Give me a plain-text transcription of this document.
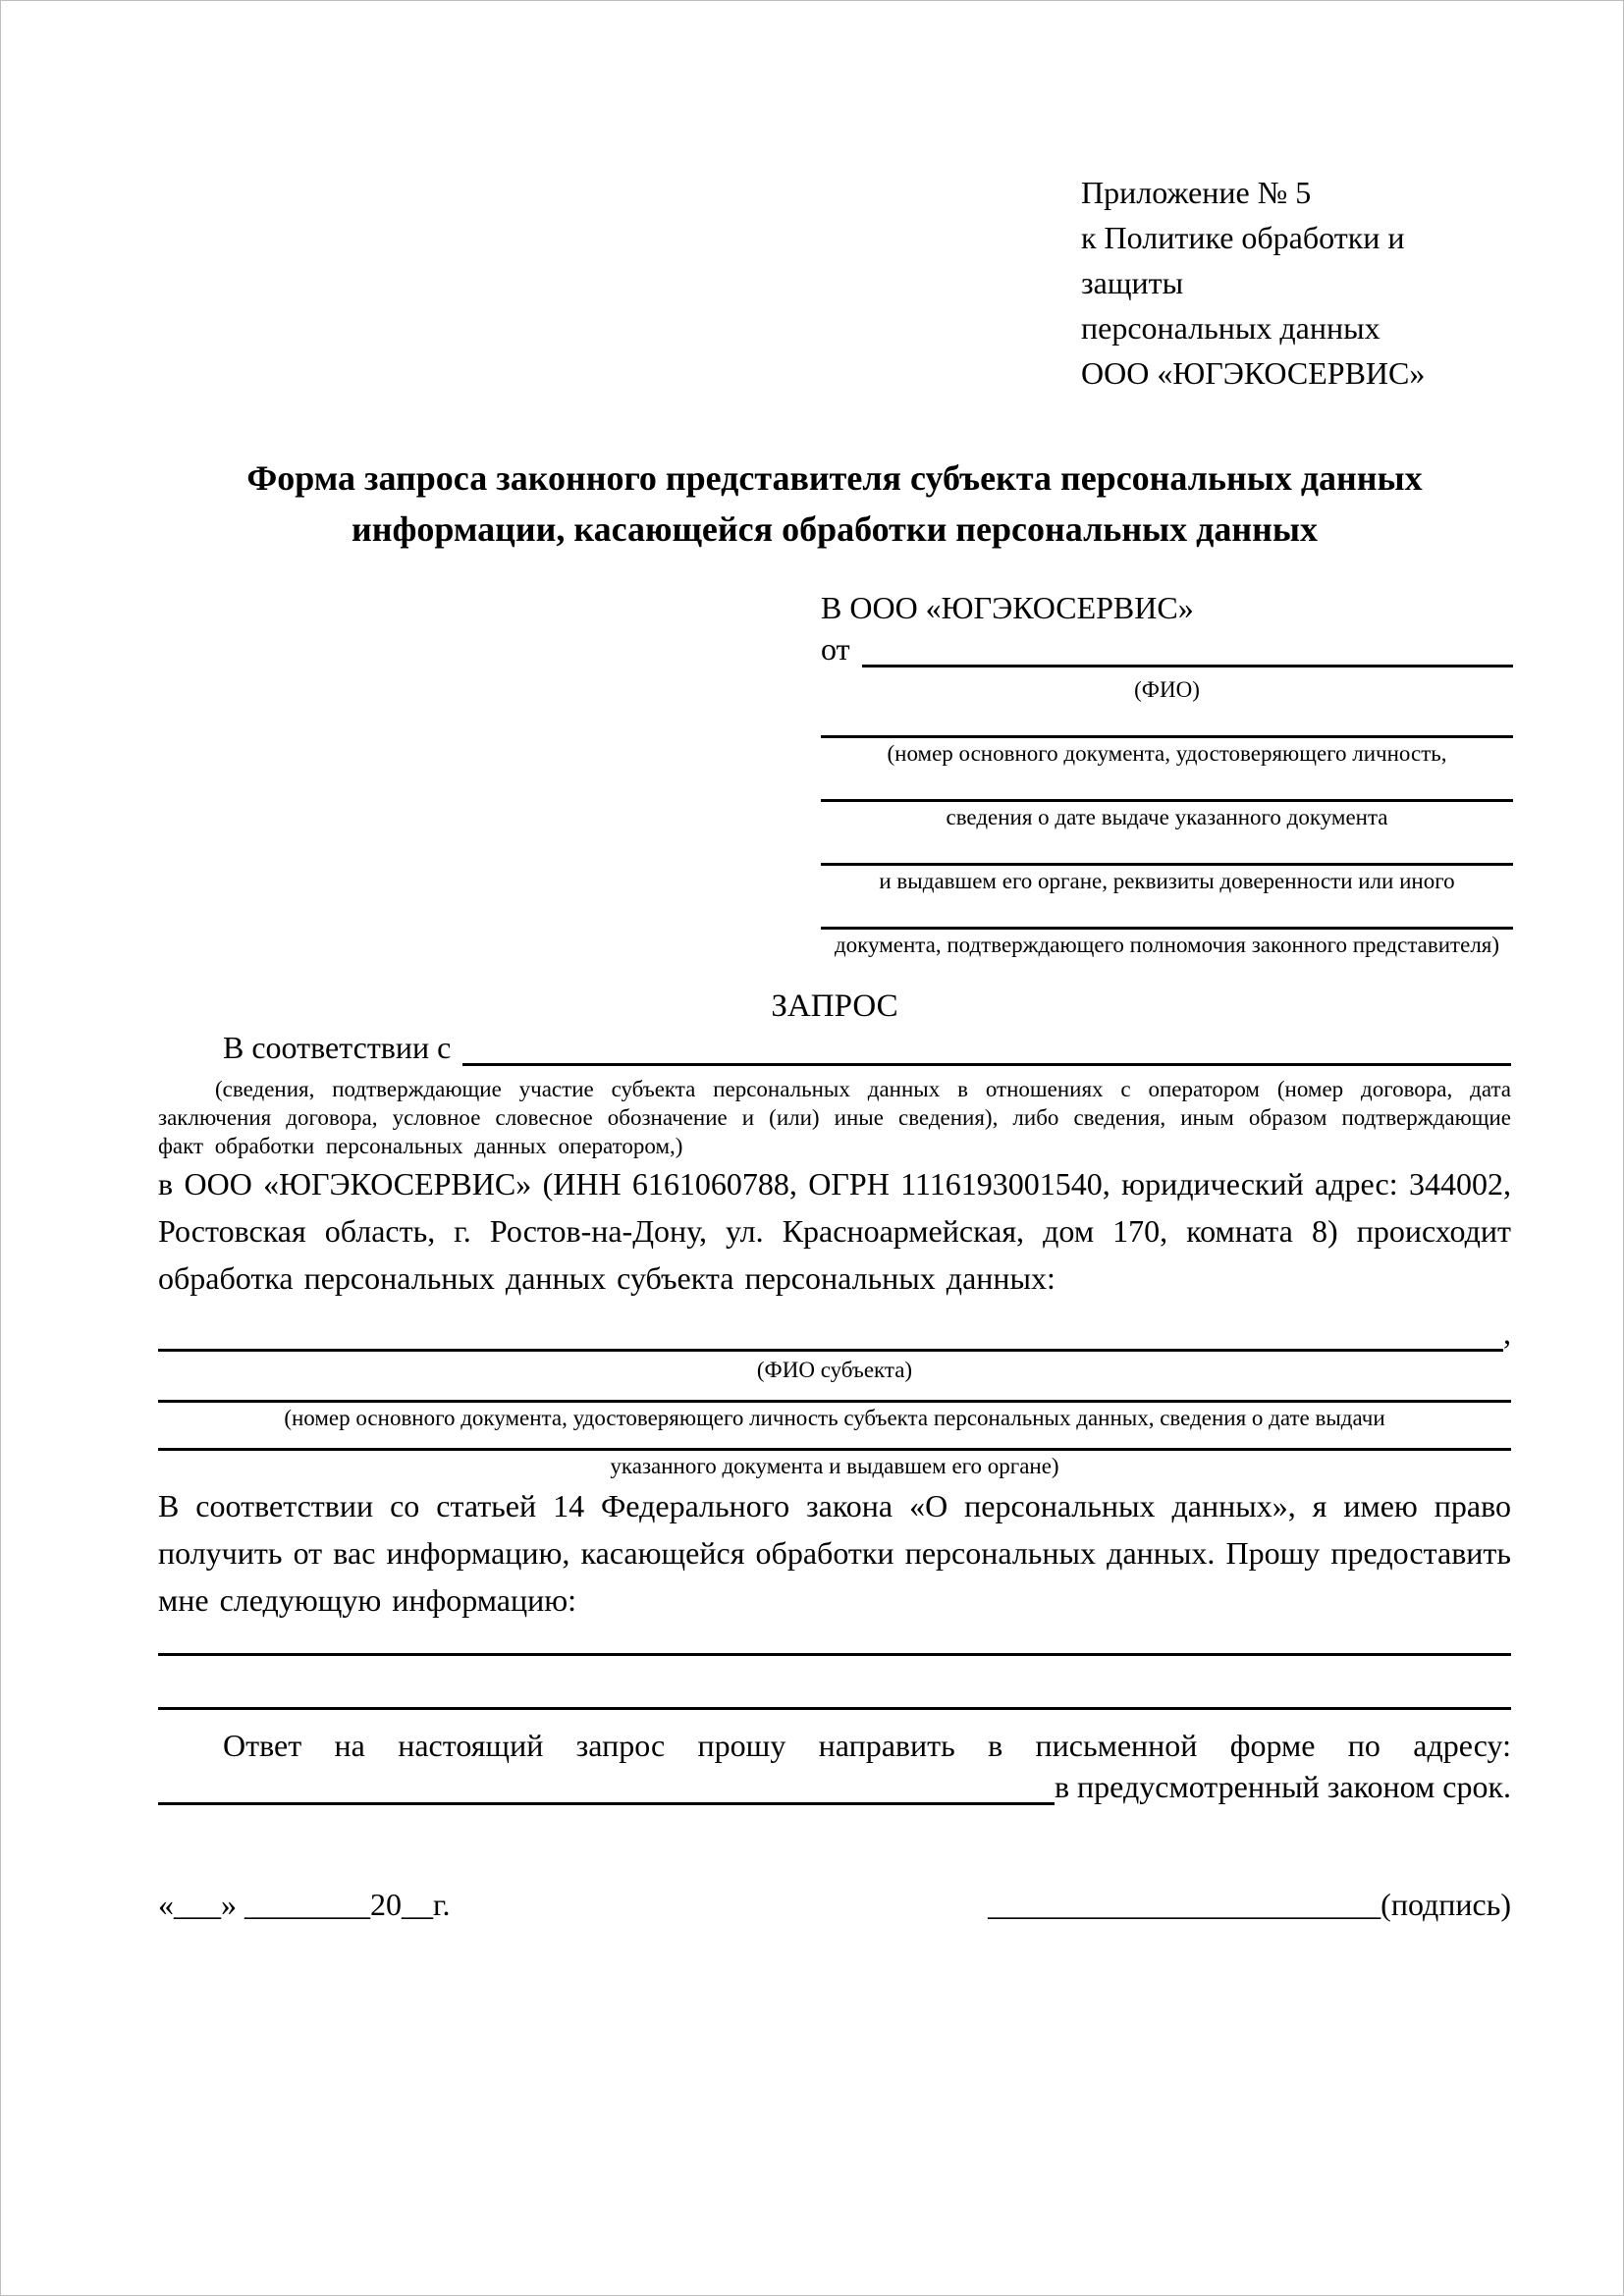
Приложение № 5
к Политике обработки и защиты
персональных данных
ООО «ЮГЭКОСЕРВИС»
Форма запроса законного представителя субъекта персональных данных информации, касающейся обработки персональных данных
В ООО «ЮГЭКОСЕРВИС»
от

(ФИО)
(номер основного документа, удостоверяющего личность,
сведения о дате выдаче указанного документа
и выдавшем его органе, реквизиты доверенности или иного
документа, подтверждающего полномочия законного представителя)
ЗАПРОС
В соответствии с

(сведения, подтверждающие участие субъекта персональных данных в отношениях с оператором (номер договора, дата заключения договора, условное словесное обозначение и (или) иные сведения), либо сведения, иным образом подтверждающие факт обработки персональных данных оператором,)
в ООО «ЮГЭКОСЕРВИС» (ИНН 6161060788, ОГРН 1116193001540, юридический адрес: 344002, Ростовская область, г. Ростов-на-Дону, ул. Красноармейская, дом 170, комната 8) происходит обработка персональных данных субъекта персональных данных:

,
(ФИО субъекта)
(номер основного документа, удостоверяющего личность субъекта персональных данных, сведения о дате выдачи
указанного документа и выдавшем его органе)
В соответствии со статьей 14 Федерального закона «О персональных данных», я имею право получить от вас информацию, касающейся обработки персональных данных. Прошу предоставить мне следующую информацию:
Ответ на настоящий запрос прошу направить в письменной форме по адресу:

в предусмотренный законом срок.
«___» ________20__г.	_________________________(подпись)
